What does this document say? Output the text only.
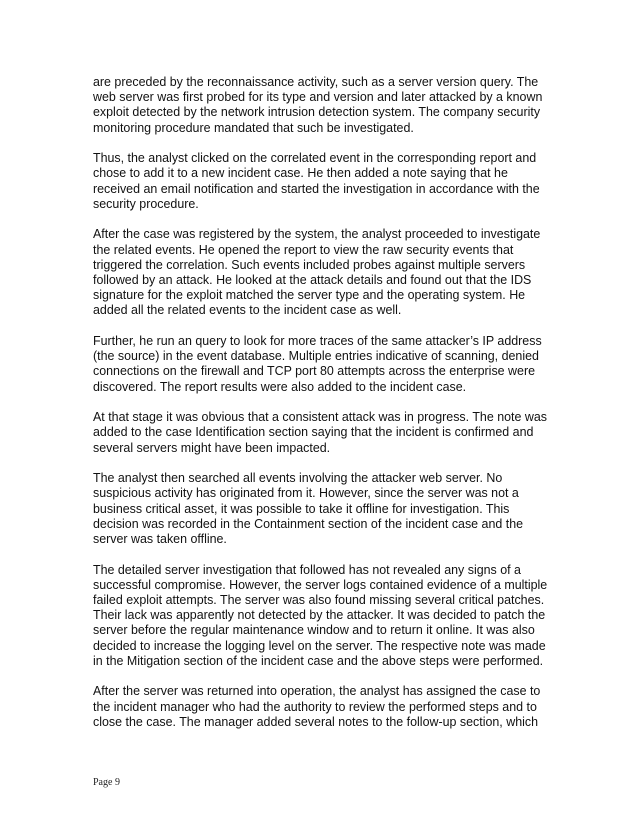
are preceded by the reconnaissance activity, such as a server version query. The web server was first probed for its type and version and later attacked by a known exploit detected by the network intrusion detection system. The company security monitoring procedure mandated that such be investigated.

Thus, the analyst clicked on the correlated event in the corresponding report and chose to add it to a new incident case. He then added a note saying that he received an email notification and started the investigation in accordance with the security procedure.

After the case was registered by the system, the analyst proceeded to investigate the related events. He opened the report to view the raw security events that triggered the correlation. Such events included probes against multiple servers followed by an attack. He looked at the attack details and found out that the IDS signature for the exploit matched the server type and the operating system. He added all the related events to the incident case as well.

Further, he run an query to look for more traces of the same attacker’s IP address (the source) in the event database. Multiple entries indicative of scanning, denied connections on the firewall and TCP port 80 attempts across the enterprise were discovered. The report results were also added to the incident case.

At that stage it was obvious that a consistent attack was in progress. The note was added to the case Identification section saying that the incident is confirmed and several servers might have been impacted.

The analyst then searched all events involving the attacker web server. No suspicious activity has originated from it. However, since the server was not a business critical asset, it was possible to take it offline for investigation. This decision was recorded in the Containment section of the incident case and the server was taken offline.

The detailed server investigation that followed has not revealed any signs of a successful compromise. However, the server logs contained evidence of a multiple failed exploit attempts. The server was also found missing several critical patches. Their lack was apparently not detected by the attacker. It was decided to patch the server before the regular maintenance window and to return it online. It was also decided to increase the logging level on the server. The respective note was made in the Mitigation section of the incident case and the above steps were performed.

After the server was returned into operation, the analyst has assigned the case to the incident manager who had the authority to review the performed steps and to close the case. The manager added several notes to the follow-up section, which

Page 9
